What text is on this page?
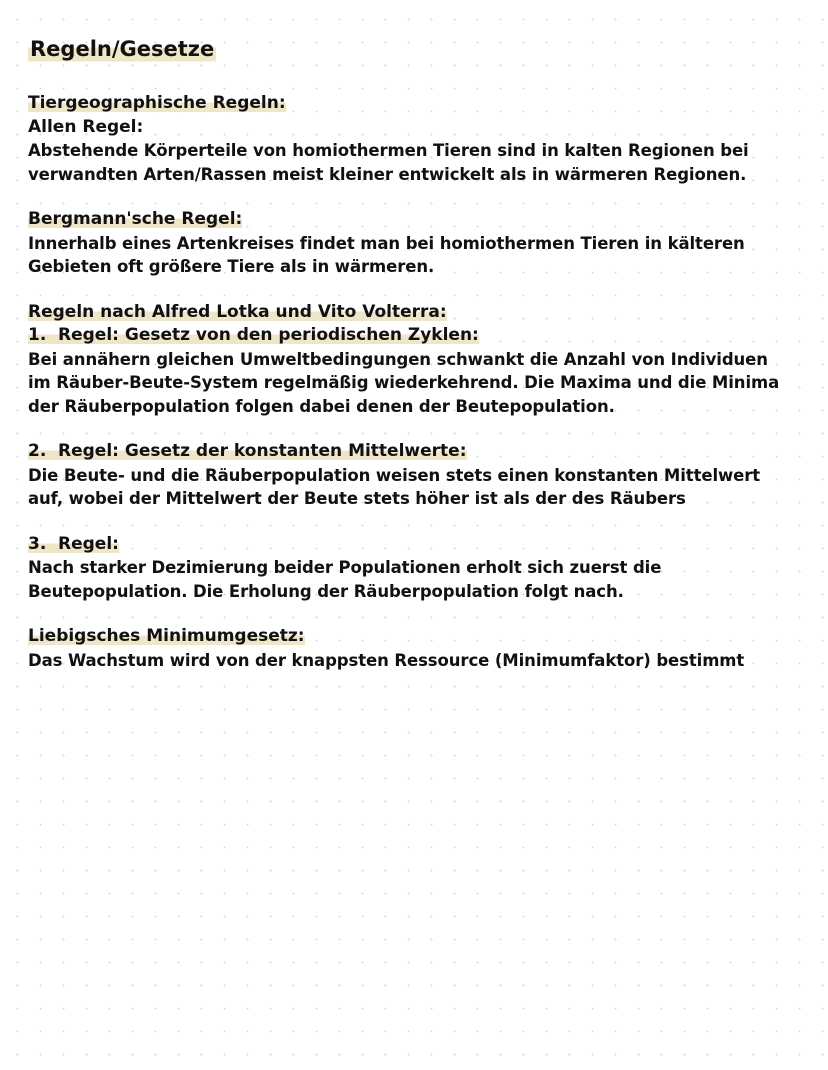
Regeln/Gesetze
Tiergeographische Regeln:
Allen Regel:
Abstehende Körperteile von homiothermen Tieren sind in kalten Regionen bei verwandten Arten/Rassen meist kleiner entwickelt als in wärmeren Regionen.
Bergmann'sche Regel:
Innerhalb eines Artenkreises findet man bei homiothermen Tieren in kälteren Gebieten oft größere Tiere als in wärmeren.
Regeln nach Alfred Lotka und Vito Volterra:
1. Regel: Gesetz von den periodischen Zyklen:
Bei annähern gleichen Umweltbedingungen schwankt die Anzahl von Individuen im Räuber-Beute-System regelmäßig wiederkehrend. Die Maxima und die Minima der Räuberpopulation folgen dabei denen der Beutepopulation.
2. Regel: Gesetz der konstanten Mittelwerte:
Die Beute- und die Räuberpopulation weisen stets einen konstanten Mittelwert auf, wobei der Mittelwert der Beute stets höher ist als der des Räubers
3. Regel:
Nach starker Dezimierung beider Populationen erholt sich zuerst die Beutepopulation. Die Erholung der Räuberpopulation folgt nach.
Liebigsches Minimumgesetz:
Das Wachstum wird von der knappsten Ressource (Minimumfaktor) bestimmt
